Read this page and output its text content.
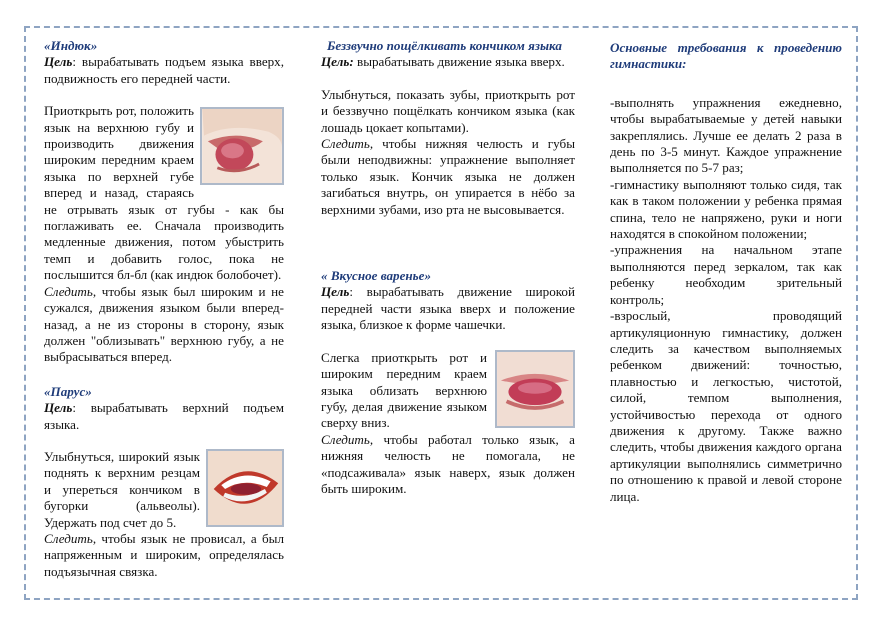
«Индюк»

Цель: вырабатывать подъем языка вверх, подвижность его передней части.

Приоткрыть рот, положить язык на верхнюю губу и производить движения широким передним краем языка по верхней губе вперед и назад, стараясь не отрывать язык от губы - как бы поглаживать ее. Сначала производить медленные движения, потом убыстрить темп и добавить голос, пока не послышится бл-бл (как индюк болобочет).

Следить, чтобы язык был широким и не сужался, движения языком были вперед-назад, а не из стороны в сторону, язык должен "облизывать" верхнюю губу, а не выбрасываться вперед.

«Парус»

Цель: вырабатывать верхний подъем языка.

Улыбнуться, широкий язык поднять к верхним резцам и упереться кончиком в бугорки (альвеолы). Удержать под счет до 5.

Следить, чтобы язык не провисал, а был напряженным и широким, определялась подъязычная связка.

Беззвучно пощёлкивать кончиком языка

Цель: вырабатывать движение языка вверх.

Улыбнуться, показать зубы, приоткрыть рот и беззвучно пощёлкать кончиком языка (как лошадь цокает копытами).

Следить, чтобы нижняя челюсть и губы были неподвижны: упражнение выполняет только язык. Кончик языка не должен загибаться внутрь, он упирается в нёбо за верхними зубами, изо рта не высовывается.

« Вкусное варенье»

Цель: вырабатывать движение широкой передней части языка вверх и положение языка, близкое к форме чашечки.

Слегка приоткрыть рот и широким передним краем языка облизать верхнюю губу, делая движение языком сверху вниз.

Следить, чтобы работал только язык, а нижняя челюсть не помогала, не «подсаживала» язык наверх, язык должен быть широким.

Основные требования к проведению гимнастики:

-выполнять упражнения ежедневно, чтобы вырабатываемые у детей навыки закреплялись. Лучше ее делать 2 раза в день по 3-5 минут. Каждое упражнение выполняется по 5-7 раз;

-гимнастику выполняют только сидя, так как в таком положении у ребенка прямая спина, тело не напряжено, руки и ноги находятся в спокойном положении;

-упражнения на начальном этапе выполняются перед зеркалом, так как ребенку необходим зрительный контроль;

-взрослый, проводящий артикуляционную гимнастику, должен следить за качеством выполняемых ребенком движений: точностью, плавностью и легкостью, чистотой, силой, темпом выполнения, устойчивостью перехода от одного движения к другому. Также важно следить, чтобы движения каждого органа артикуляции выполнялись симметрично по отношению к правой и левой стороне лица.
